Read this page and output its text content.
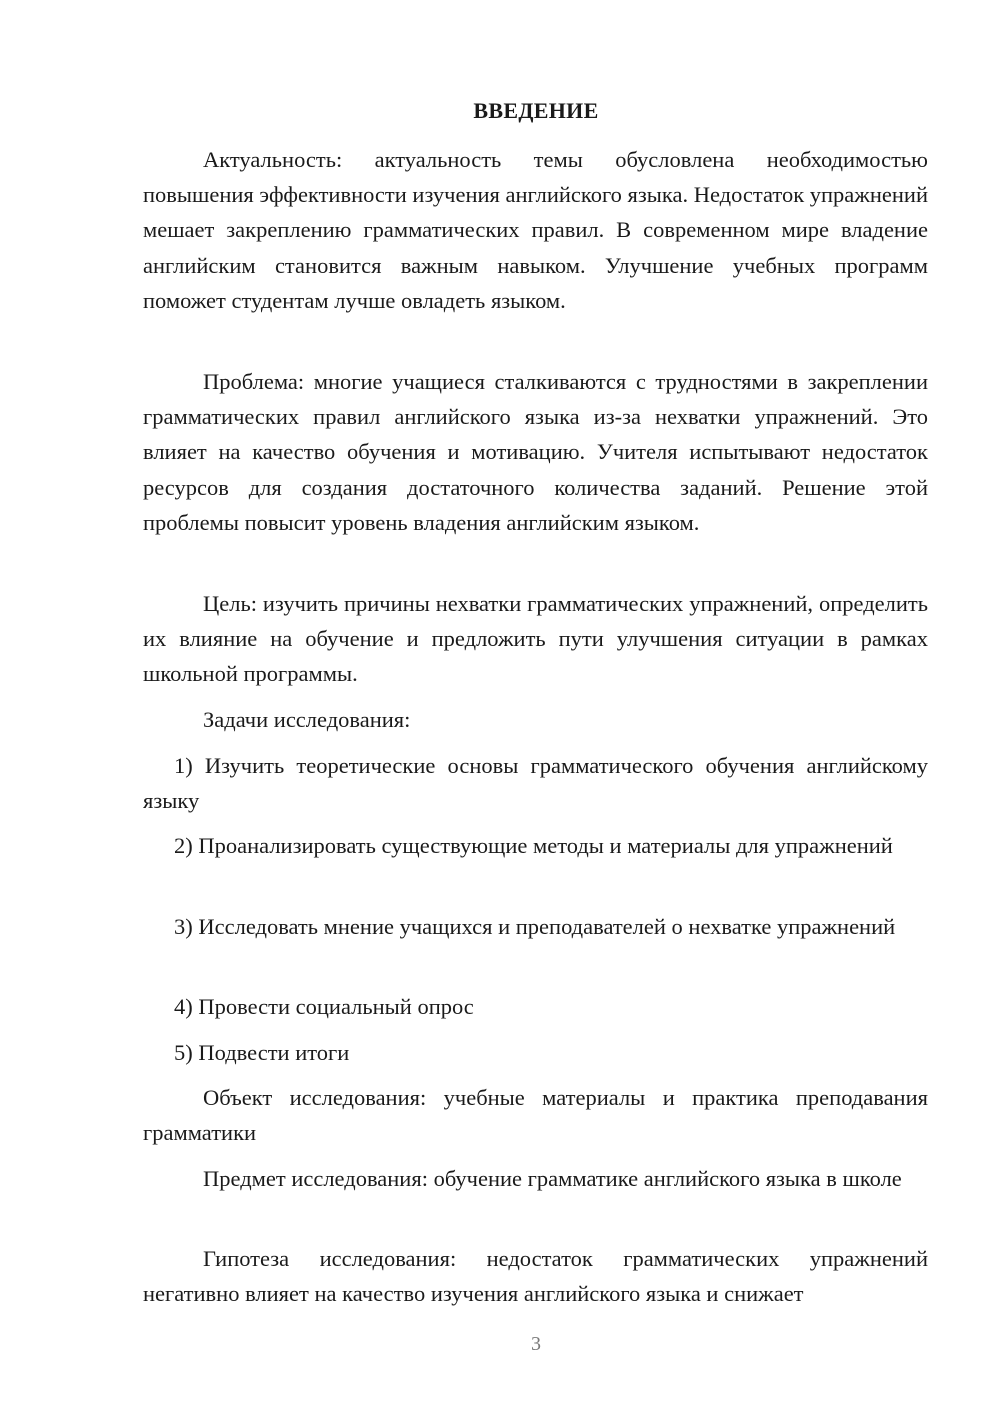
ВВЕДЕНИЕ

Актуальность: актуальность темы обусловлена необходимостью повышения эффективности изучения английского языка. Недостаток упражнений мешает закреплению грамматических правил. В современном мире владение английским становится важным навыком. Улучшение учебных программ поможет студентам лучше овладеть языком.

Проблема: многие учащиеся сталкиваются с трудностями в закреплении грамматических правил английского языка из-за нехватки упражнений. Это влияет на качество обучения и мотивацию. Учителя испытывают недостаток ресурсов для создания достаточного количества заданий. Решение этой проблемы повысит уровень владения английским языком.

Цель: изучить причины нехватки грамматических упражнений, определить их влияние на обучение и предложить пути улучшения ситуации в рамках школьной программы.

Задачи исследования:

1) Изучить теоретические основы грамматического обучения английскому языку

2) Проанализировать существующие методы и материалы для упражнений

3) Исследовать мнение учащихся и преподавателей о нехватке упражнений

4) Провести социальный опрос

5) Подвести итоги

Объект исследования: учебные материалы и практика преподавания грамматики

Предмет исследования: обучение грамматике английского языка в школе

Гипотеза исследования: недостаток грамматических упражнений негативно влияет на качество изучения английского языка и снижает

3
